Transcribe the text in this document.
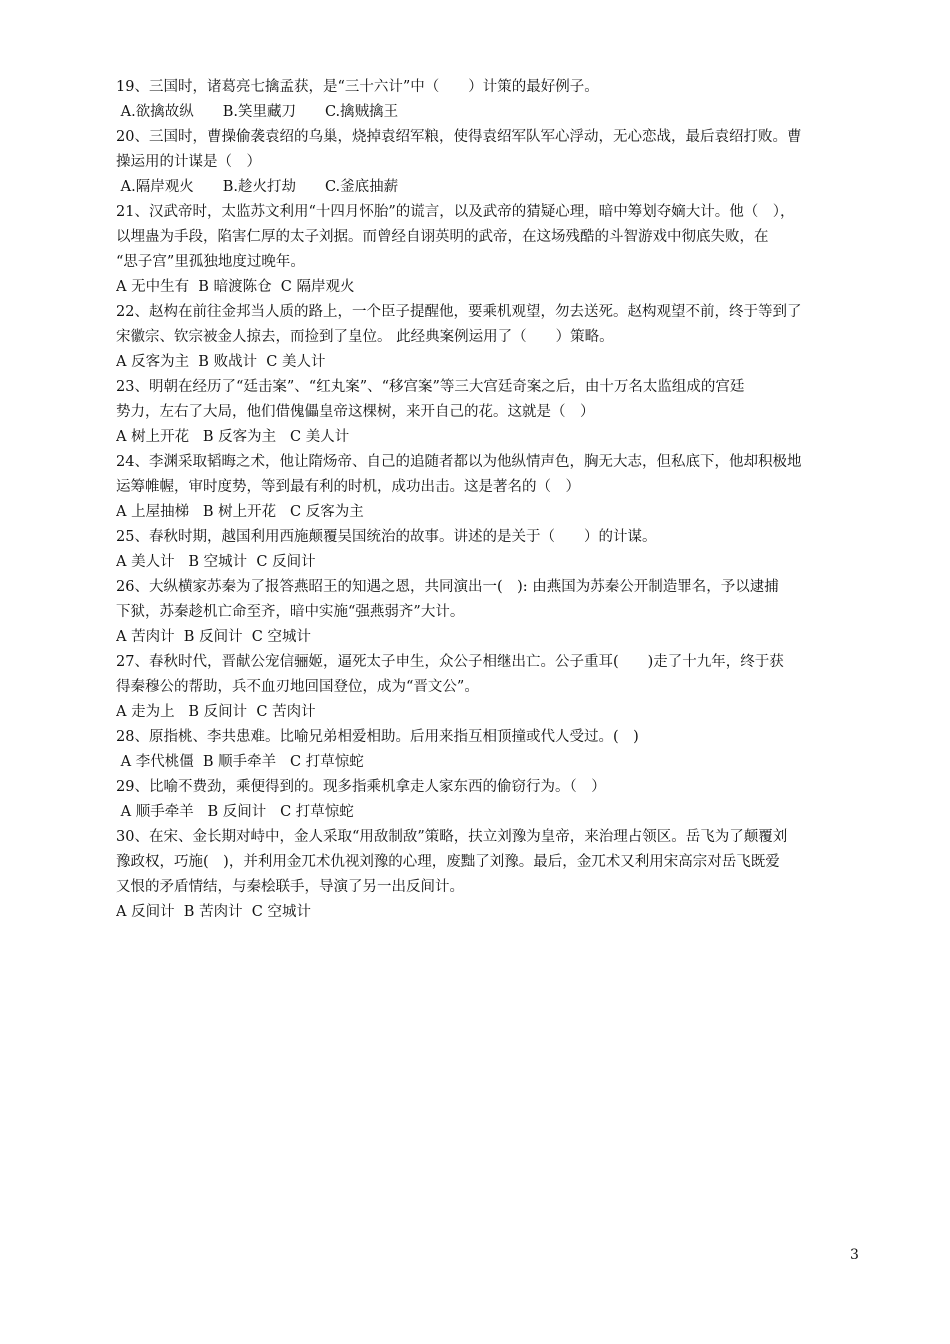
19、三国时，诸葛亮七擒孟获，是“三十六计”中（　　）计策的最好例子。
A.欲擒故纵　　B.笑里藏刀　　C.擒贼擒王
20、三国时，曹操偷袭袁绍的乌巢，烧掉袁绍军粮，使得袁绍军队军心浮动，无心恋战，最后袁绍打败。曹
操运用的计谋是（　）
A.隔岸观火　　B.趁火打劫　　C.釜底抽薪
21、汉武帝时，太监苏文利用“十四月怀胎”的谎言，以及武帝的猜疑心理，暗中筹划夺嫡大计。他（　），
以埋蛊为手段，陷害仁厚的太子刘据。而曾经自诩英明的武帝，在这场残酷的斗智游戏中彻底失败，在
“思子宫”里孤独地度过晚年。
A 无中生有  B 暗渡陈仓  C 隔岸观火
22、赵构在前往金邦当人质的路上，一个臣子提醒他，要乘机观望，勿去送死。赵构观望不前，终于等到了
宋徽宗、钦宗被金人掠去，而捡到了皇位。 此经典案例运用了（　　）策略。
A 反客为主  B 败战计  C 美人计
23、明朝在经历了“廷击案”、“红丸案”、“移宫案”等三大宫廷奇案之后，由十万名太监组成的宫廷
势力，左右了大局，他们借傀儡皇帝这棵树，来开自己的花。这就是（　）
A 树上开花   B 反客为主   C 美人计
24、李渊采取韬晦之术，他让隋炀帝、自己的追随者都以为他纵情声色，胸无大志，但私底下，他却积极地
运筹帷幄，审时度势，等到最有利的时机，成功出击。这是著名的（　）
A 上屋抽梯   B 树上开花   C 反客为主
25、春秋时期，越国利用西施颠覆吴国统治的故事。讲述的是关于（　　）的计谋。
A 美人计   B 空城计  C 反间计
26、大纵横家苏秦为了报答燕昭王的知遇之恩，共同演出一(　): 由燕国为苏秦公开制造罪名，予以逮捕
下狱，苏秦趁机亡命至齐，暗中实施“强燕弱齐”大计。
A 苦肉计  B 反间计  C 空城计
27、春秋时代，晋献公宠信骊姬，逼死太子申生，众公子相继出亡。公子重耳(　　)走了十九年，终于获
得秦穆公的帮助，兵不血刃地回国登位，成为“晋文公”。
A 走为上   B 反间计  C 苦肉计
28、原指桃、李共患难。比喻兄弟相爱相助。后用来指互相顶撞或代人受过。(　)
A 李代桃僵  B 顺手牵羊   C 打草惊蛇
29、比喻不费劲，乘便得到的。现多指乘机拿走人家东西的偷窃行为。（　）
A 顺手牵羊   B 反间计   C 打草惊蛇
30、在宋、金长期对峙中，金人采取“用敌制敌”策略，扶立刘豫为皇帝，来治理占领区。岳飞为了颠覆刘
豫政权，巧施(　)，并利用金兀术仇视刘豫的心理，废黜了刘豫。最后，金兀术又利用宋高宗对岳飞既爱
又恨的矛盾情结，与秦桧联手，导演了另一出反间计。
A 反间计  B 苦肉计  C 空城计
3
